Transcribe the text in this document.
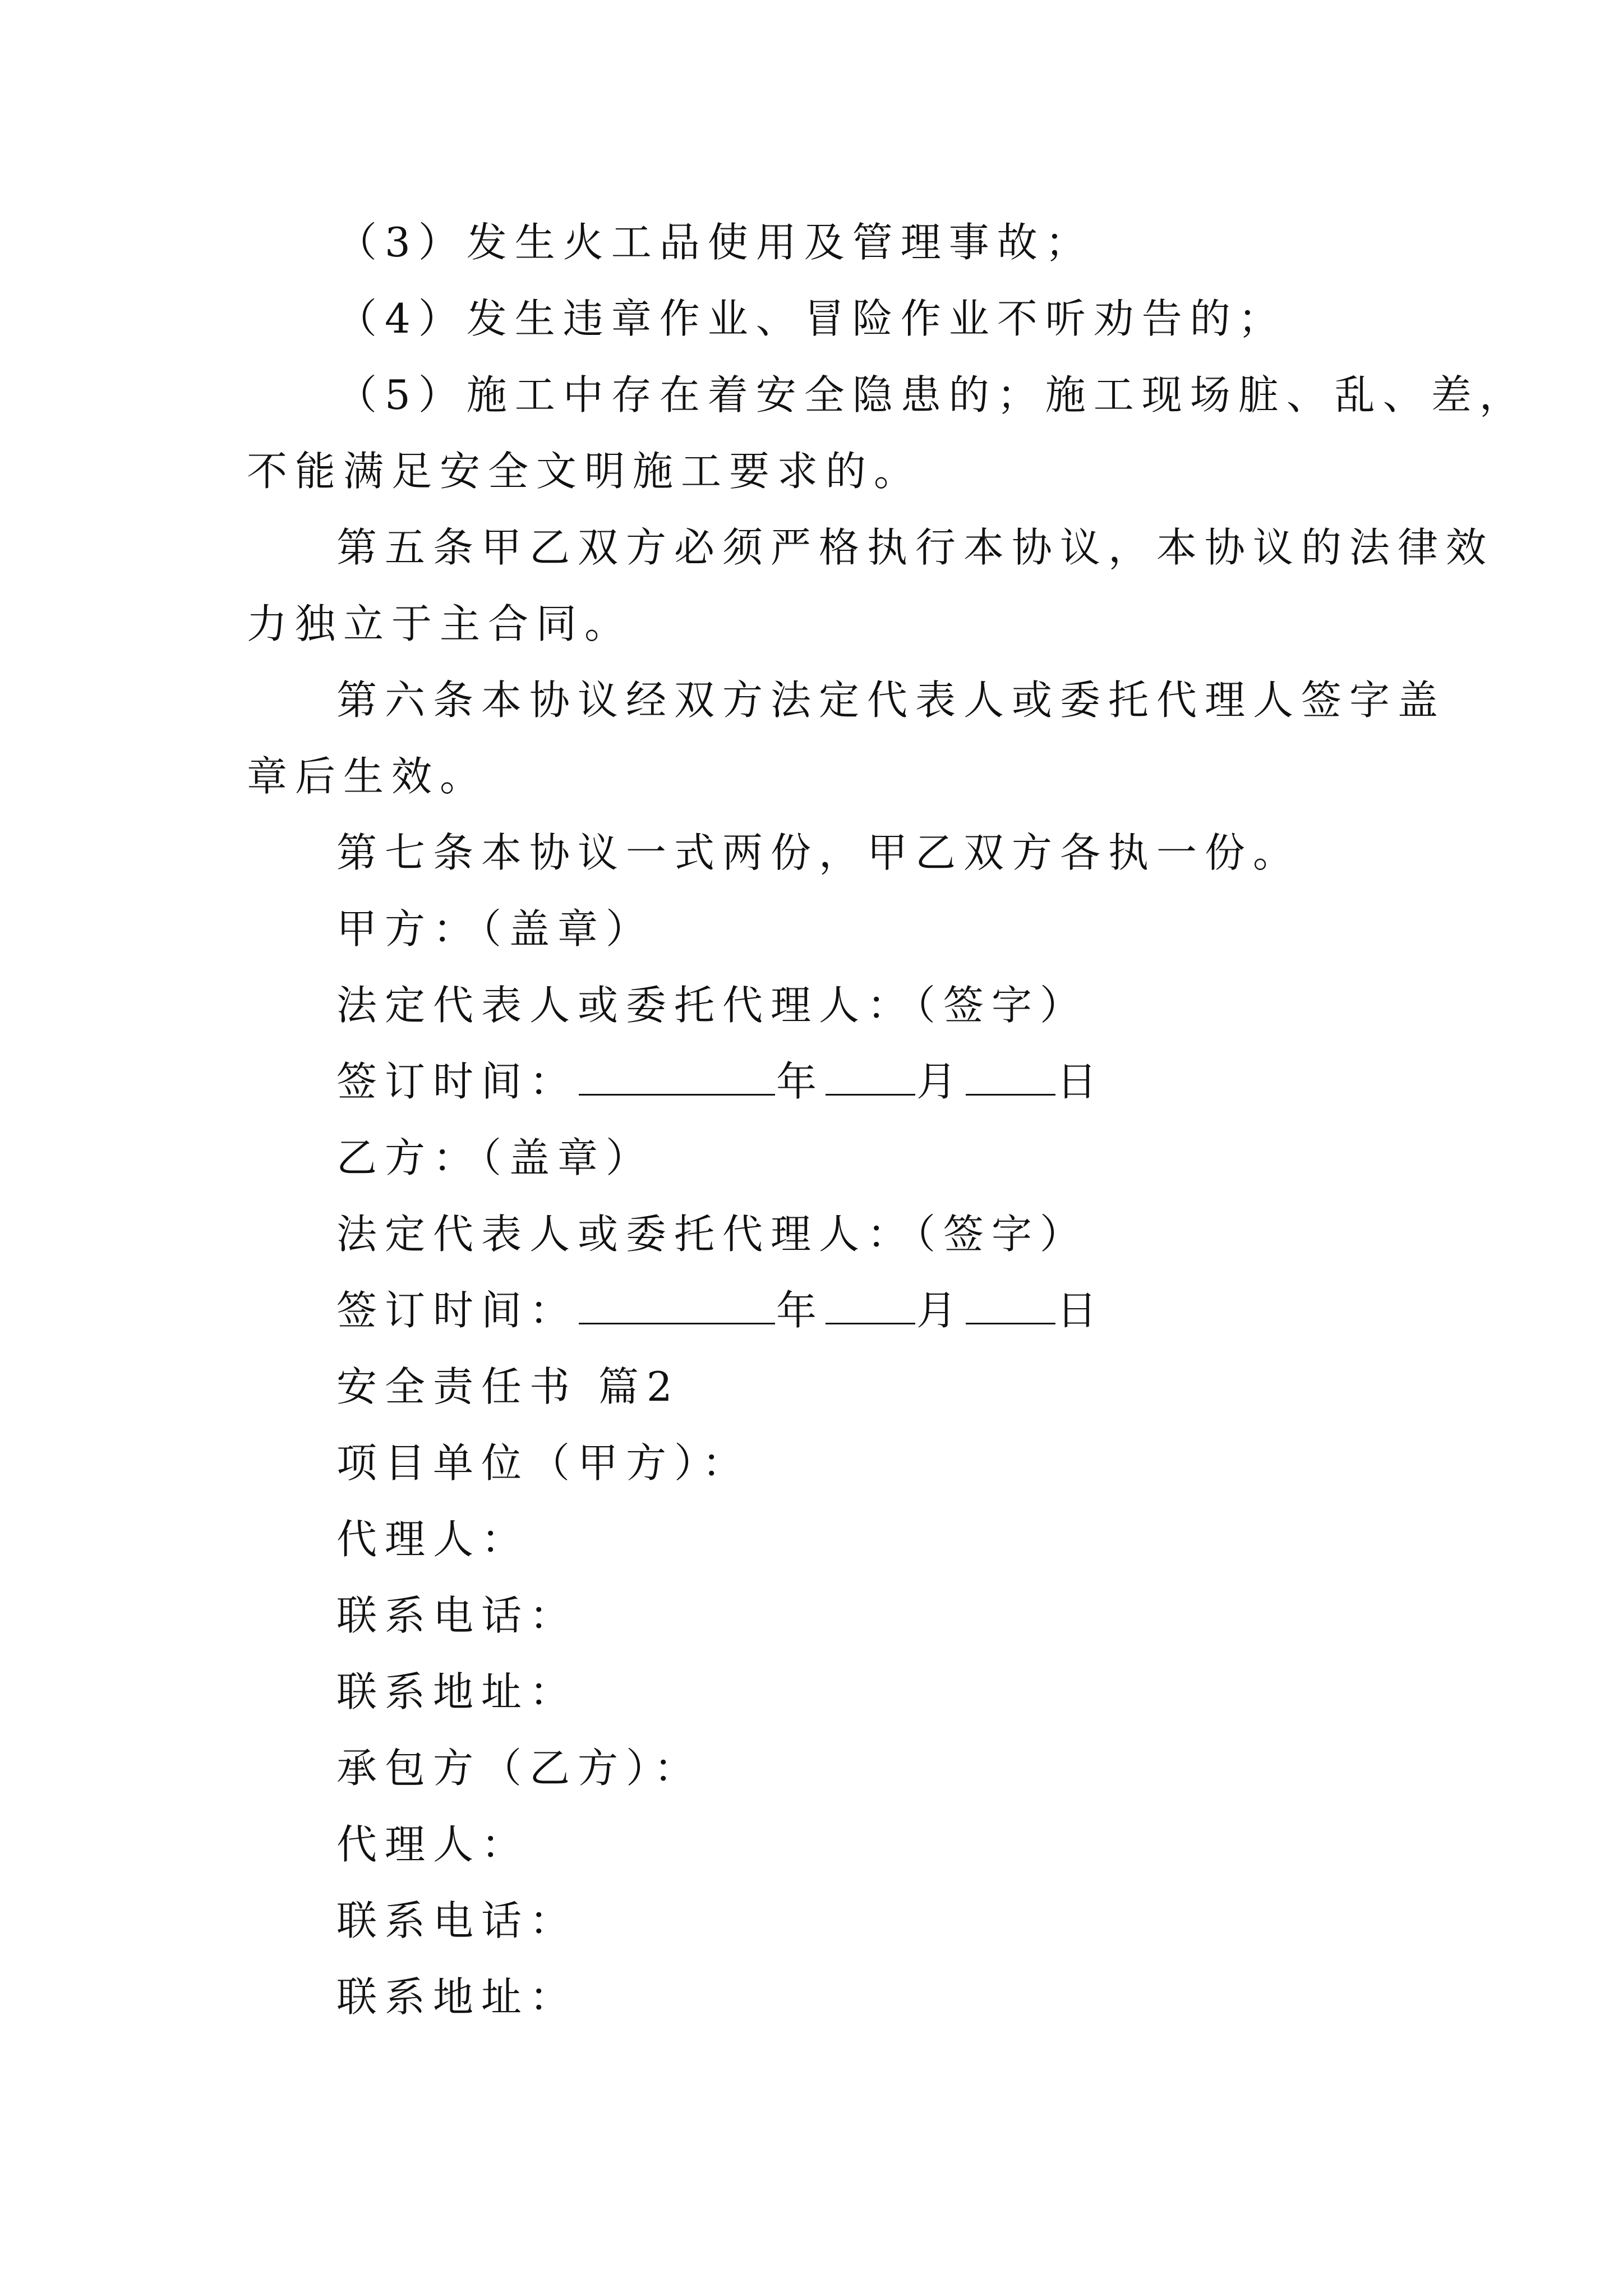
（3）发生火工品使用及管理事故；
（4）发生违章作业、冒险作业不听劝告的；
（5）施工中存在着安全隐患的；施工现场脏、乱、差，
不能满足安全文明施工要求的。
第五条甲乙双方必须严格执行本协议，本协议的法律效
力独立于主合同。
第六条本协议经双方法定代表人或委托代理人签字盖
章后生效。
第七条本协议一式两份，甲乙双方各执一份。
甲方：（盖章）
法定代表人或委托代理人：（签字）
签订时间：	年 月 日
乙方：（盖章）
法定代表人或委托代理人：（签字）
签订时间：	年 月 日
安全责任书 篇2
项目单位（甲方）：
代理人：
联系电话：
联系地址：
承包方（乙方）：
代理人：
联系电话：
联系地址：
